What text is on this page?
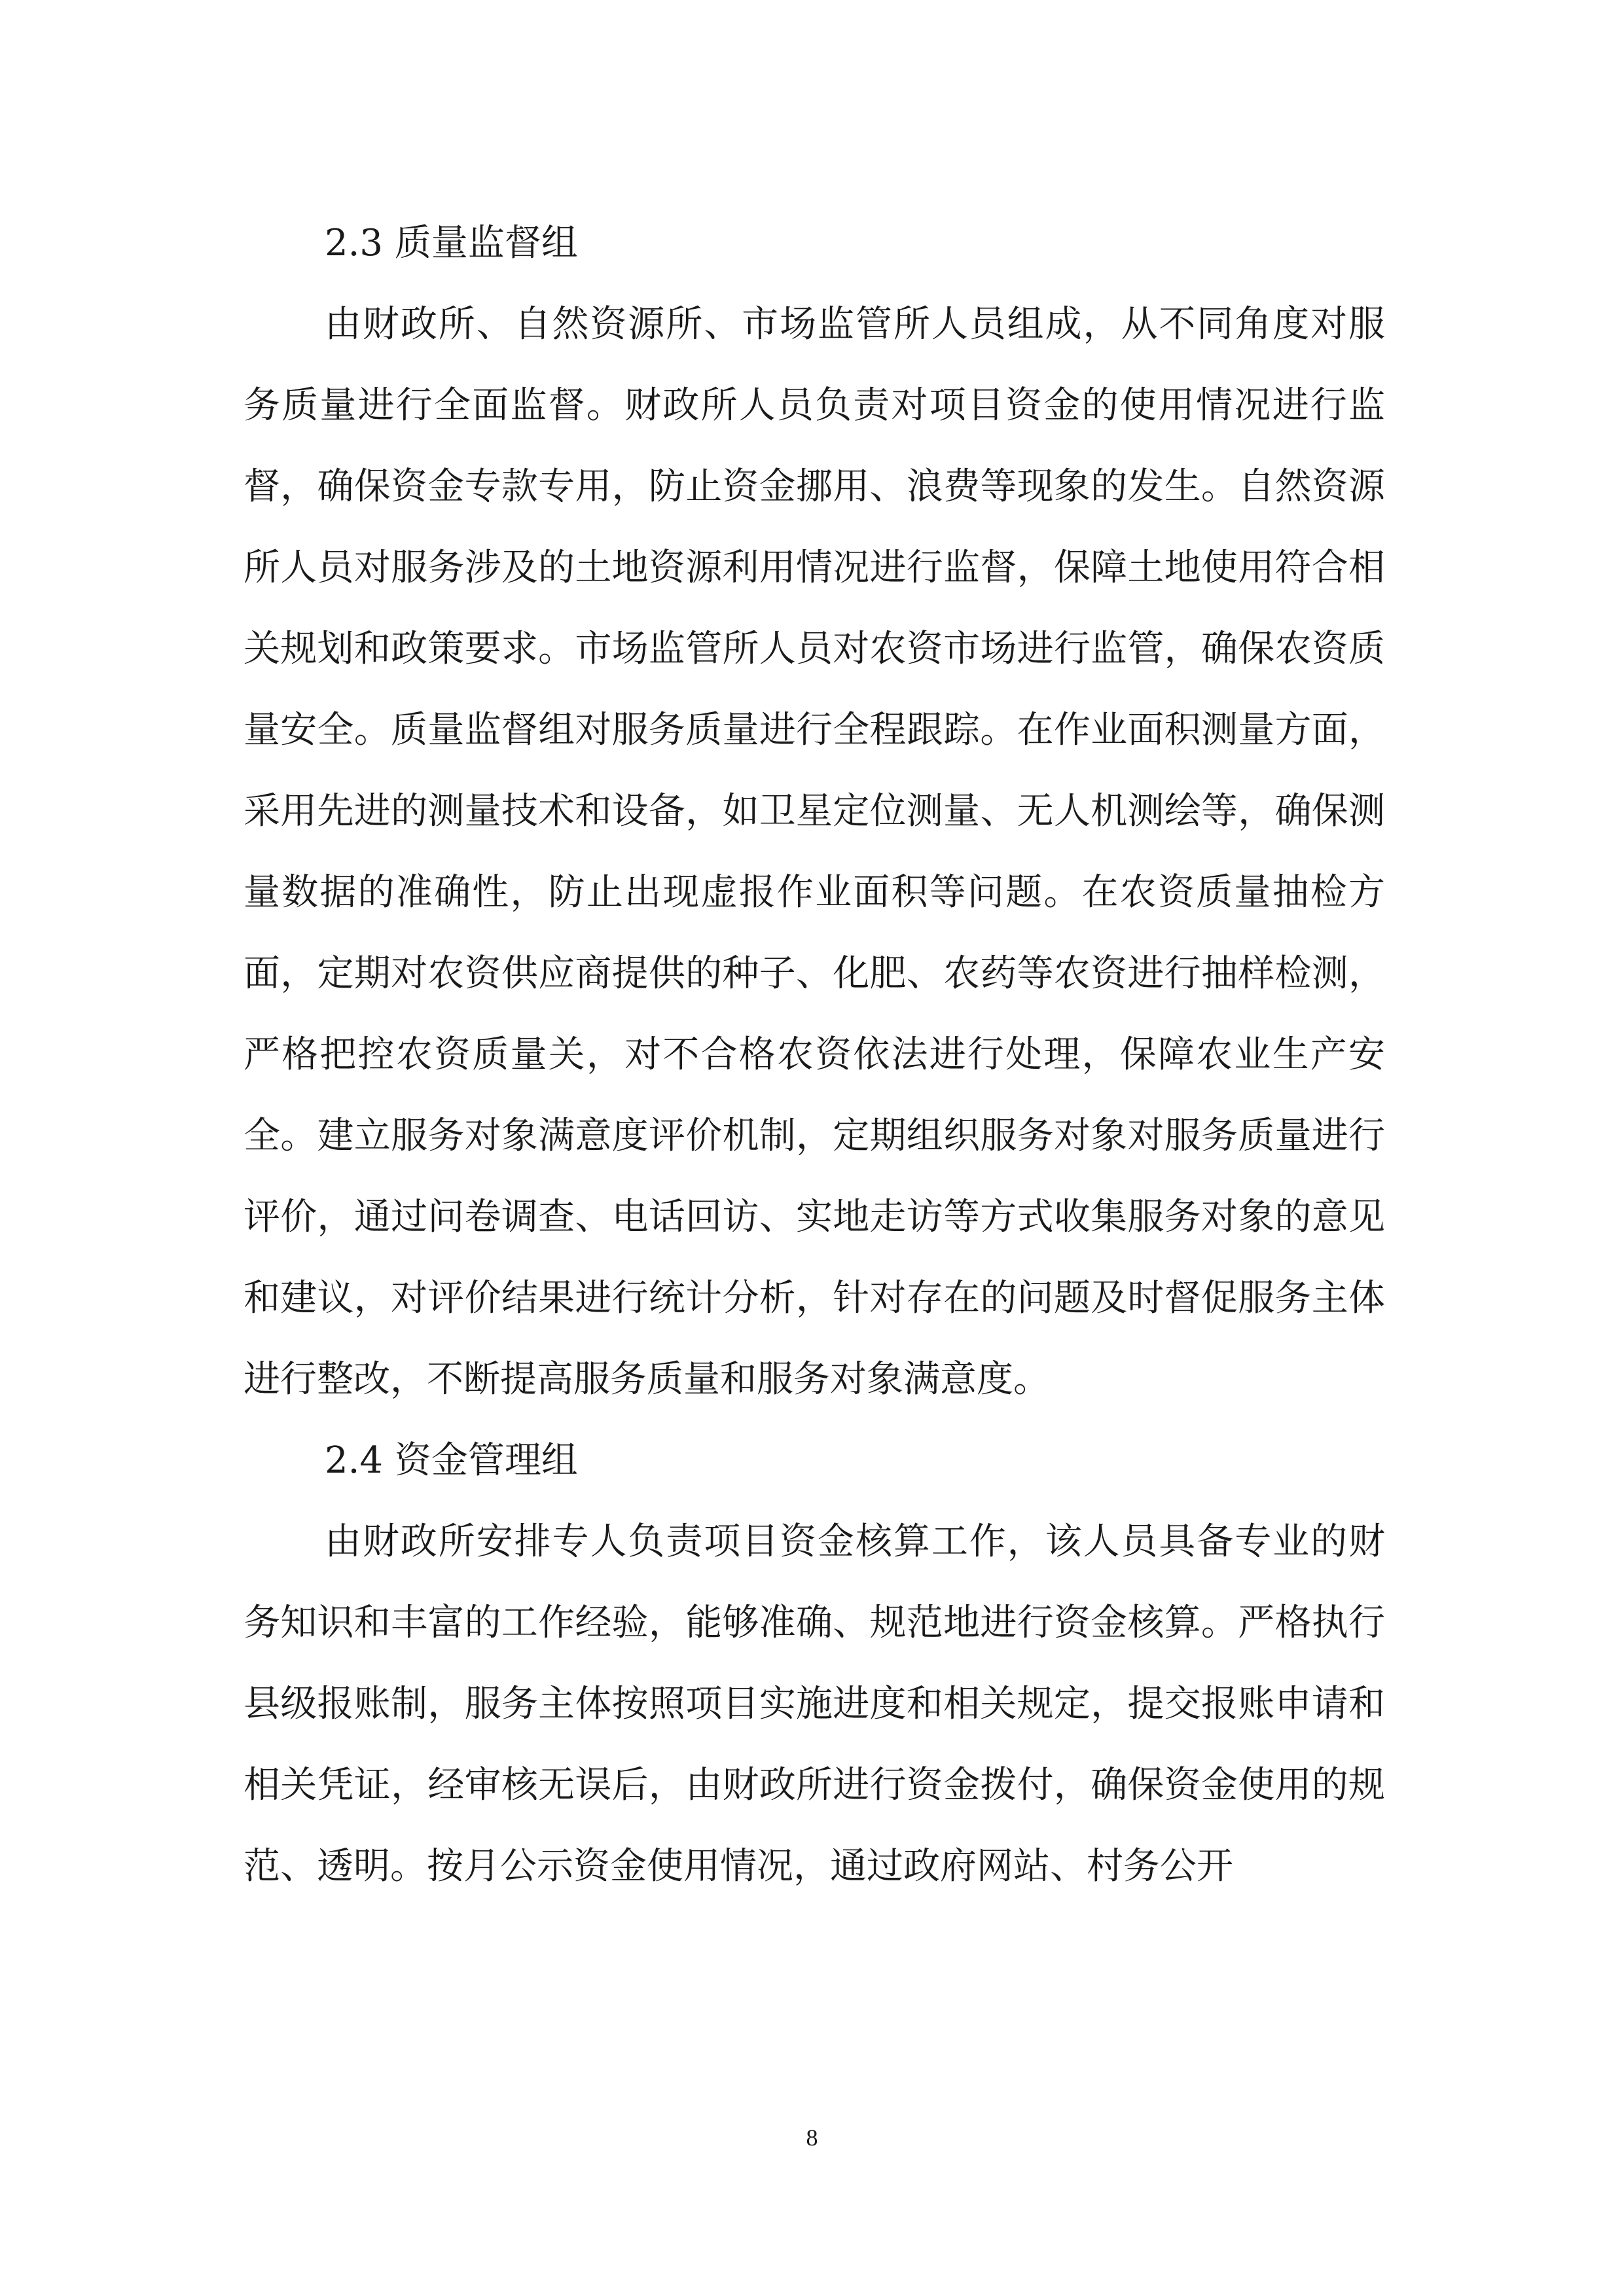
2.3 质量监督组

由财政所、自然资源所、市场监管所人员组成，从不同角度对服务质量进行全面监督。财政所人员负责对项目资金的使用情况进行监督，确保资金专款专用，防止资金挪用、浪费等现象的发生。自然资源所人员对服务涉及的土地资源利用情况进行监督，保障土地使用符合相关规划和政策要求。市场监管所人员对农资市场进行监管，确保农资质量安全。质量监督组对服务质量进行全程跟踪。在作业面积测量方面，采用先进的测量技术和设备，如卫星定位测量、无人机测绘等，确保测量数据的准确性，防止出现虚报作业面积等问题。在农资质量抽检方面，定期对农资供应商提供的种子、化肥、农药等农资进行抽样检测，严格把控农资质量关，对不合格农资依法进行处理，保障农业生产安全。建立服务对象满意度评价机制，定期组织服务对象对服务质量进行评价，通过问卷调查、电话回访、实地走访等方式收集服务对象的意见和建议，对评价结果进行统计分析，针对存在的问题及时督促服务主体进行整改，不断提高服务质量和服务对象满意度。

2.4 资金管理组

由财政所安排专人负责项目资金核算工作，该人员具备专业的财务知识和丰富的工作经验，能够准确、规范地进行资金核算。严格执行县级报账制，服务主体按照项目实施进度和相关规定，提交报账申请和相关凭证，经审核无误后，由财政所进行资金拨付，确保资金使用的规范、透明。按月公示资金使用情况，通过政府网站、村务公开

8
